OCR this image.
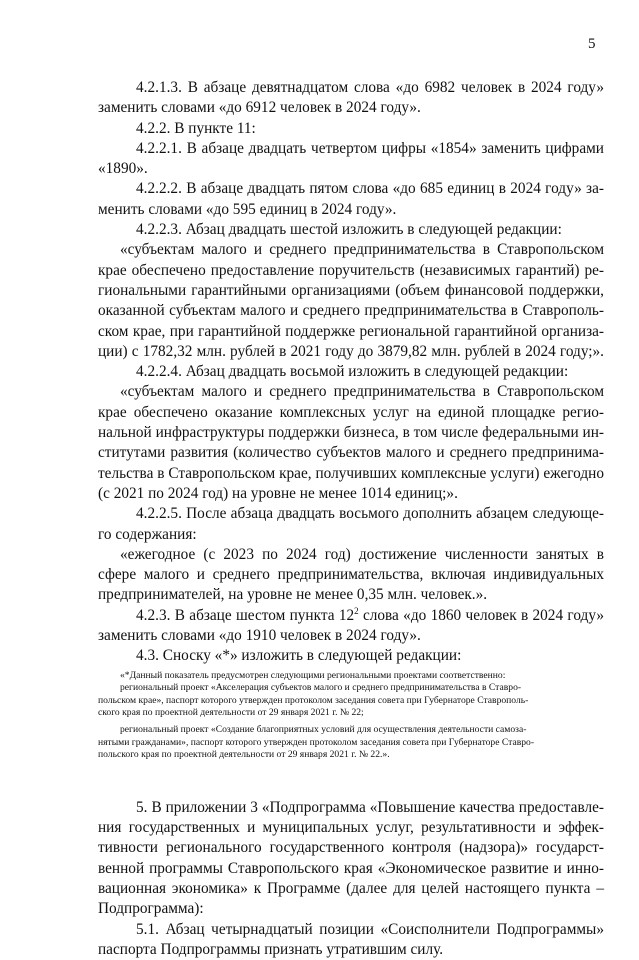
5
4.2.1.3. В абзаце девятнадцатом слова «до 6982 человек в 2024 году»
заменить словами «до 6912 человек в 2024 году».
4.2.2. В пункте 11:
4.2.2.1. В абзаце двадцать четвертом цифры «1854» заменить цифрами
«1890».
4.2.2.2. В абзаце двадцать пятом слова «до 685 единиц в 2024 году» за-
менить словами «до 595 единиц в 2024 году».
4.2.2.3. Абзац двадцать шестой изложить в следующей редакции:
«субъектам малого и среднего предпринимательства в Ставропольском
крае обеспечено предоставление поручительств (независимых гарантий) ре-
гиональными гарантийными организациями (объем финансовой поддержки,
оказанной субъектам малого и среднего предпринимательства в Ставрополь-
ском крае, при гарантийной поддержке региональной гарантийной организа-
ции) с 1782,32 млн. рублей в 2021 году до 3879,82 млн. рублей в 2024 году;».
4.2.2.4. Абзац двадцать восьмой изложить в следующей редакции:
«субъектам малого и среднего предпринимательства в Ставропольском
крае обеспечено оказание комплексных услуг на единой площадке регио-
нальной инфраструктуры поддержки бизнеса, в том числе федеральными ин-
ститутами развития (количество субъектов малого и среднего предпринима-
тельства в Ставропольском крае, получивших комплексные услуги) ежегодно
(с 2021 по 2024 год) на уровне не менее 1014 единиц;».
4.2.2.5. После абзаца двадцать восьмого дополнить абзацем следующе-
го содержания:
«ежегодное (с 2023 по 2024 год) достижение численности занятых в
сфере малого и среднего предпринимательства, включая индивидуальных
предпринимателей, на уровне не менее 0,35 млн. человек.».
4.2.3. В абзаце шестом пункта $12^2$ слова «до 1860 человек в 2024 году»
заменить словами «до 1910 человек в 2024 году».
4.3. Сноску «*» изложить в следующей редакции:
«*Данный показатель предусмотрен следующими региональными проектами соответственно:
региональный проект «Акселерация субъектов малого и среднего предпринимательства в Ставро-
польском крае», паспорт которого утвержден протоколом заседания совета при Губернаторе Ставрополь-
ского края по проектной деятельности от 29 января 2021 г. № 22;
региональный проект «Создание благоприятных условий для осуществления деятельности самоза-
нятыми гражданами», паспорт которого утвержден протоколом заседания совета при Губернаторе Ставро-
польского края по проектной деятельности от 29 января 2021 г. № 22.».
5. В приложении 3 «Подпрограмма «Повышение качества предоставле-
ния государственных и муниципальных услуг, результативности и эффек-
тивности регионального государственного контроля (надзора)» государст-
венной программы Ставропольского края «Экономическое развитие и инно-
вационная экономика» к Программе (далее для целей настоящего пункта –
Подпрограмма):
5.1. Абзац четырнадцатый позиции «Соисполнители Подпрограммы»
паспорта Подпрограммы признать утратившим силу.
